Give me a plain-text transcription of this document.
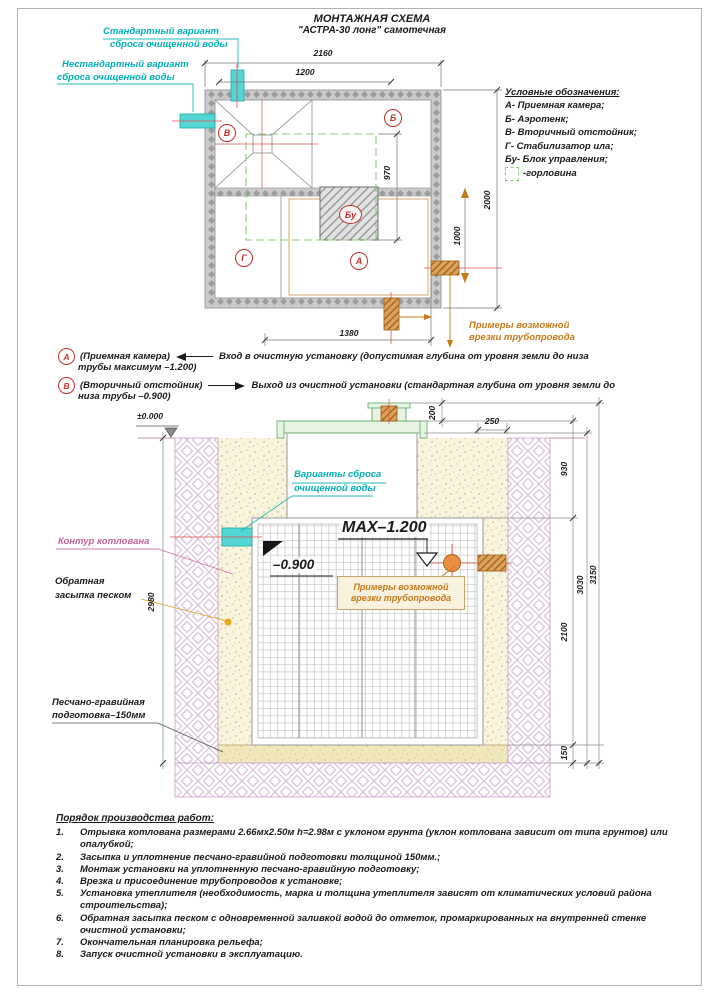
МОНТАЖНАЯ СХЕМА
"АСТРА-30 лонг" самотечная
Стандартный вариант
сброса очищенной воды
Нестандартный вариант
сброса очищенной воды
Условные обозначения:
А- Приемная камера;
Б- Аэротенк;
В- Вторичный отстойник;
Г- Стабилизатор ила;
Бу- Блок управления;
-горловина
В
Б
Г	А
Бу
2160
1200
970
2000
1000
1380
Примеры возможной
врезки трубопровода
А	(Приемная камера)	Вход в очистную установку (допустимая глубина от уровня земли до низа
трубы максимум –1.200)
В	(Вторичный отстойник)	Выход из очистной установки (стандартная глубина от уровня земли до
низа трубы –0.900)
±0.000
Варианты сброса
очищенной воды
Контур котлована
Обратная
засыпка песком
Песчано-гравийная
подготовка–150мм
МАХ–1.200
–0.900
Примеры возможной
врезки трубопровода
200
250
930
2980
2100
150
3030
3150
Порядок производства работ:
1.	Отрывка котлована размерами 2.66мх2.50м h=2.98м с уклоном грунта (уклон котлована зависит от типа грунтов) или опалубкой;
2.	Засыпка и уплотнение песчано-гравийной подготовки толщиной 150мм.;
3.	Монтаж установки на уплотненную песчано-гравийную подготовку;
4.	Врезка и присоединение трубопроводов к установке;
5.	Установка утеплителя (необходимость, марка и толщина утеплителя зависят от климатических условий района строительства);
6.	Обратная засыпка песком с одновременной заливкой водой до отметок, промаркированных на внутренней стенке очистной установки;
7.	Окончательная планировка рельефа;
8.	Запуск очистной установки в эксплуатацию.
